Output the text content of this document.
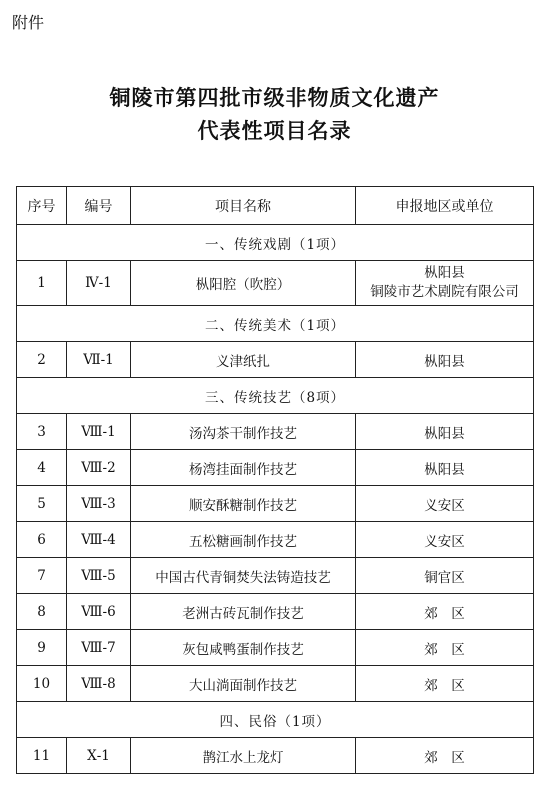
附件
铜陵市第四批市级非物质文化遗产
代表性项目名录
序号	编号	项目名称	申报地区或单位
一、传统戏剧（1项）			
1	Ⅳ-1	枞阳腔（吹腔）	枞阳县
铜陵市艺术剧院有限公司

二、传统美术（1项）			
2	Ⅶ-1	义津纸扎	枞阳县
三、传统技艺（8项）			
3	Ⅷ-1	汤沟茶干制作技艺	枞阳县
4	Ⅷ-2	杨湾挂面制作技艺	枞阳县
5	Ⅷ-3	顺安酥糖制作技艺	义安区
6	Ⅷ-4	五松糖画制作技艺	义安区
7	Ⅷ-5	中国古代青铜焚失法铸造技艺	铜官区
8	Ⅷ-6	老洲古砖瓦制作技艺	郊　区
9	Ⅷ-7	灰包咸鸭蛋制作技艺	郊　区
10	Ⅷ-8	大山淌面制作技艺	郊　区
四、民俗（1项）			
11	Ⅹ-1	鹊江水上龙灯	郊　区
